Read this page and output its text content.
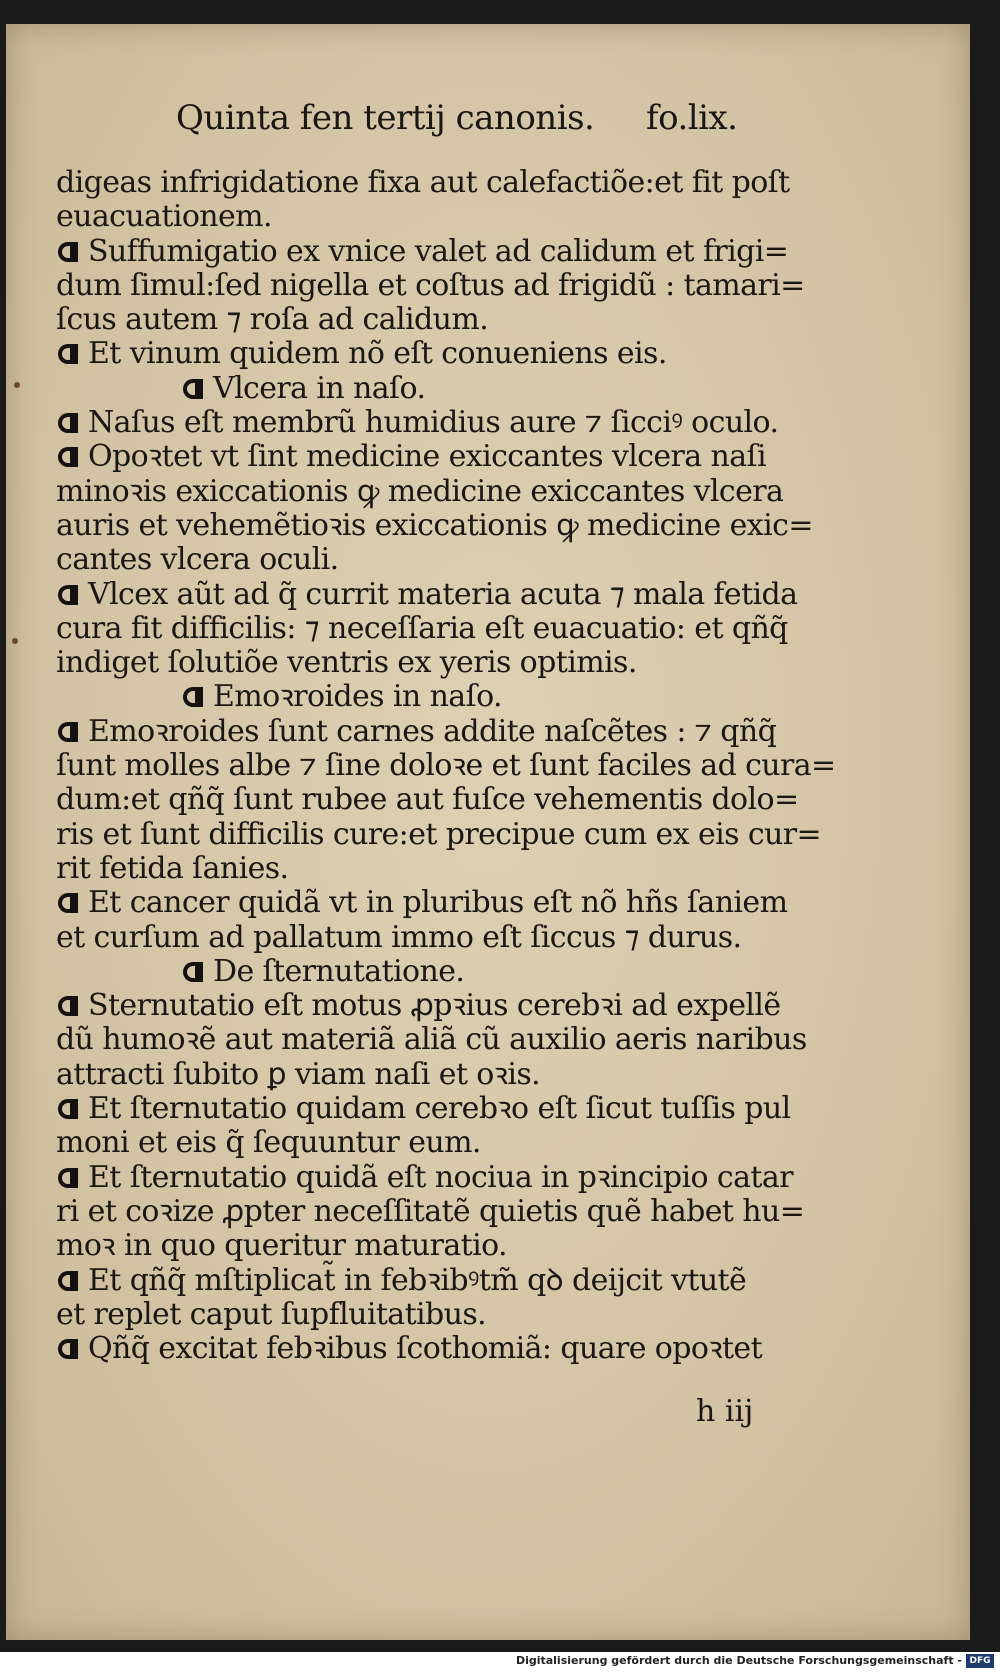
Quinta fen tertij canonis. fo.lix.
digeas infrigidatione fixa aut calefactiõe:et fit poſt
euacuationem.
Suffumigatio ex vnice valet ad calidum et frigi=
dum ſimul:ſed nigella et coſtus ad frigidũ : tamari=
ſcus autem ⁊ roſa ad calidum.
Et vinum quidem nõ eſt conueniens eis.
Vlcera in naſo.
Naſus eſt membrũ humidius aure ⁊ ſicciꝰ oculo.
Opoꝛtet vt ſint medicine exiccantes vlcera naſi
minoꝛis exiccationis ꝙ medicine exiccantes vlcera
auris et vehemẽtioꝛis exiccationis ꝙ medicine exic=
cantes vlcera oculi.
Vlcex aũt ad q̃ currit materia acuta ⁊ mala fetida
cura fit difficilis: ⁊ neceſſaria eſt euacuatio: et qñq̃
indiget ſolutiõe ventris ex yeris optimis.
Emoꝛroides in naſo.
Emoꝛroides ſunt carnes addite naſcẽtes : ⁊ qñq̃
ſunt molles albe ⁊ ſine doloꝛe et ſunt faciles ad cura=
dum:et qñq̃ ſunt rubee aut fuſce vehementis dolo=
ris et ſunt difficilis cure:et precipue cum ex eis cur=
rit fetida ſanies.
Et cancer quidã vt in pluribus eſt nõ hñs ſaniem
et curſum ad pallatum immo eſt ſiccus ⁊ durus.
De ſternutatione.
Sternutatio eſt motus ꝓpꝛius cerebꝛi ad expellẽ
dũ humoꝛẽ aut materiã aliã cũ auxilio aeris naribus
attracti ſubito ꝑ viam naſi et oꝛis.
Et ſternutatio quidam cerebꝛo eſt ſicut tuſſis pul
moni et eis q̃ ſequuntur eum.
Et ſternutatio quidã eſt nociua in pꝛincipio catar
ri et coꝛize ꝓpter neceſſitatẽ quietis quẽ habet hu=
moꝛ in quo queritur maturatio.
Et qñq̃ mſtiplicat̃ in febꝛibꝰtm̃ qꝺ deijcit vtutẽ
et replet caput ſupfluitatibus.
Qñq̃ excitat febꝛibus ſcothomiã: quare opoꝛtet
h iij
Digitalisierung gefördert durch die Deutsche Forschungsgemeinschaft - DFG
